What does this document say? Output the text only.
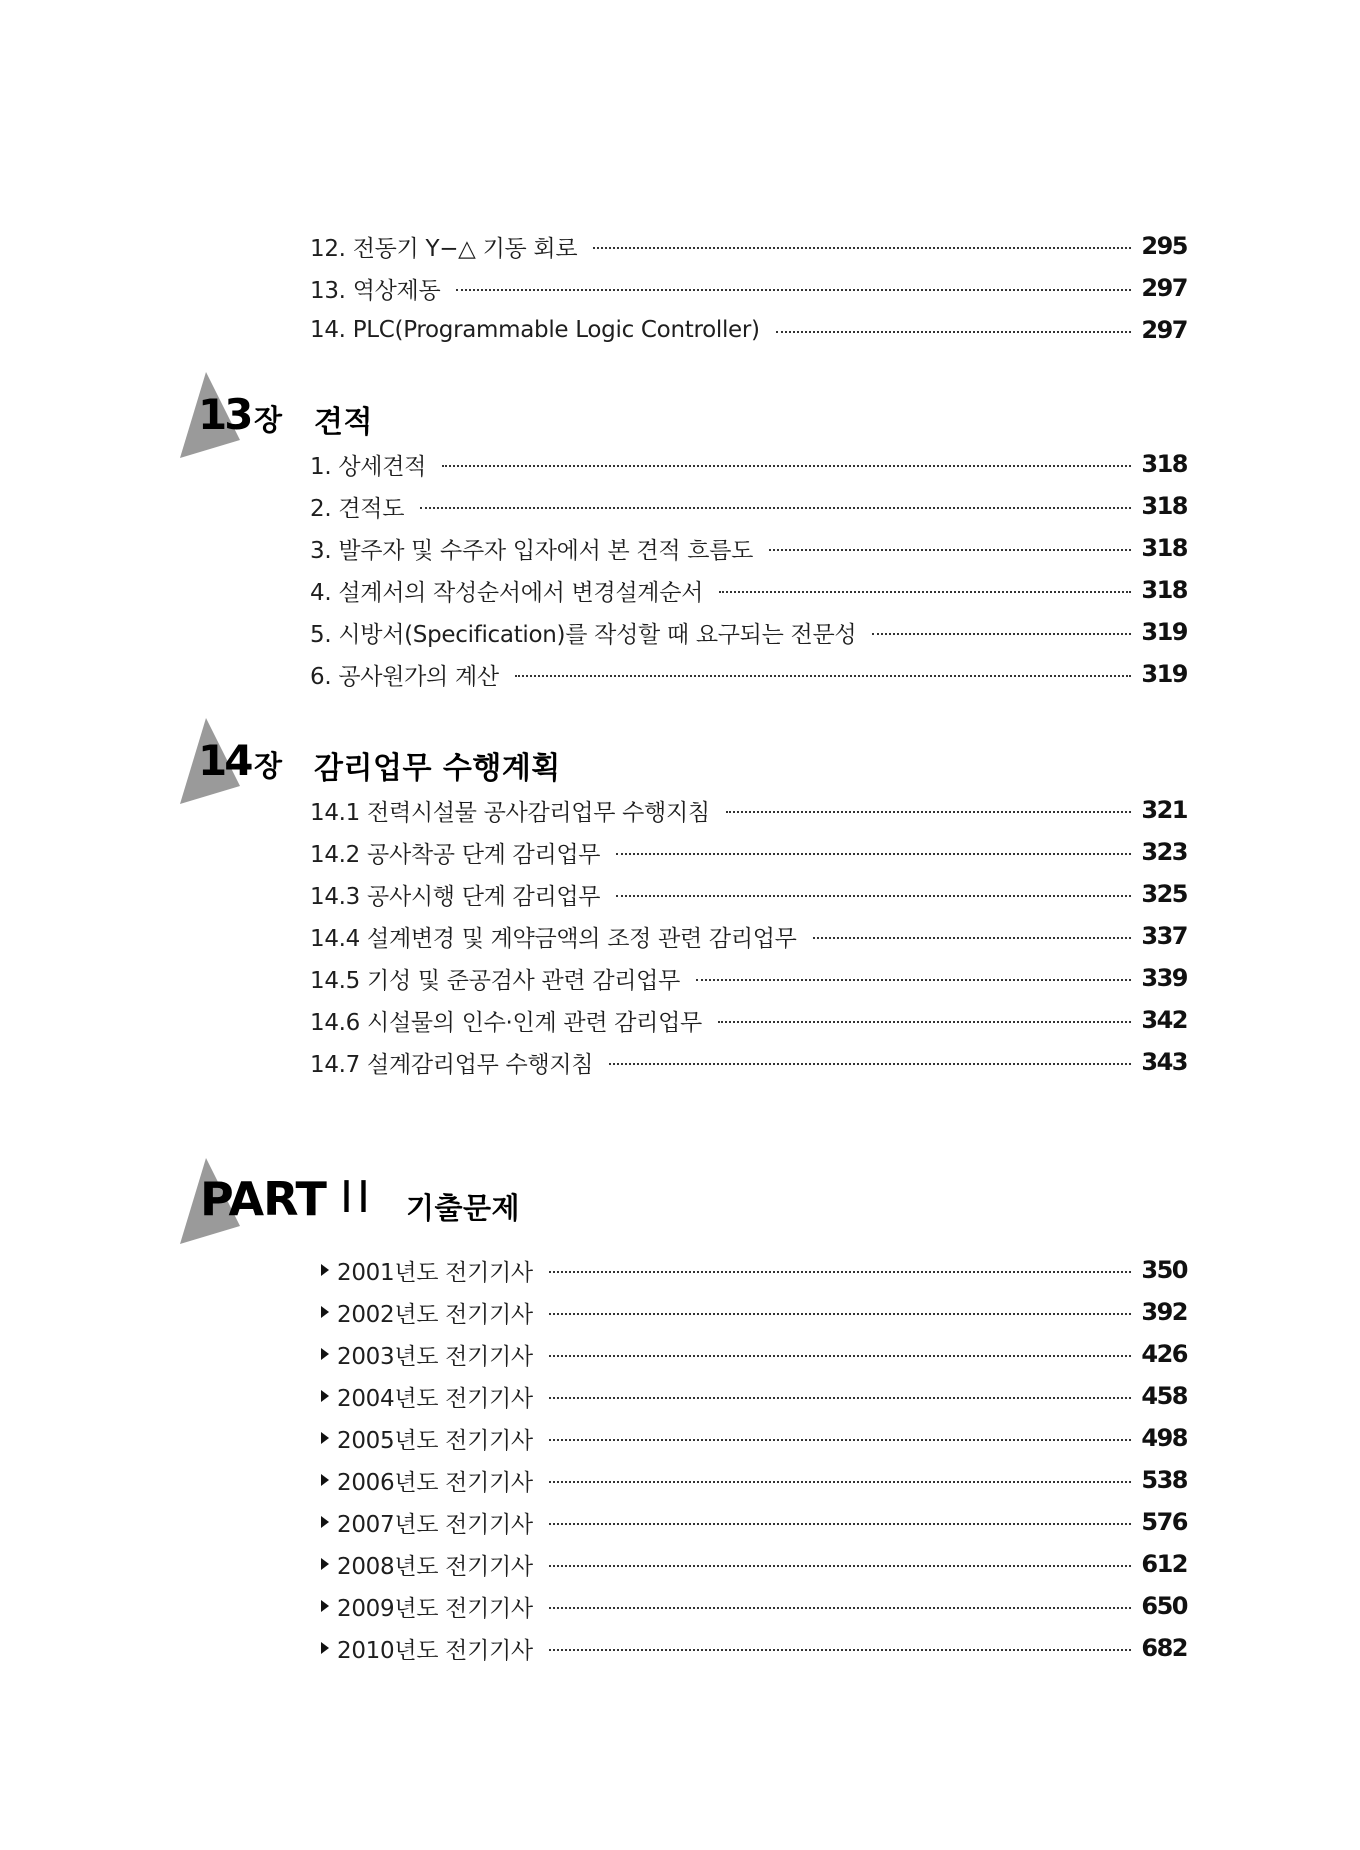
12. 전동기 Y−△ 기동 회로	295
13. 역상제동	297
14. PLC(Programmable Logic Controller)	297
13 장 견적
1. 상세견적	318
2. 견적도	318
3. 발주자 및 수주자 입자에서 본 견적 흐름도	318
4. 설계서의 작성순서에서 변경설계순서	318
5. 시방서(Specification)를 작성할 때 요구되는 전문성	319
6. 공사원가의 계산	319
14 장 감리업무 수행계획
14.1 전력시설물 공사감리업무 수행지침	321
14.2 공사착공 단계 감리업무	323
14.3 공사시행 단계 감리업무	325
14.4 설계변경 및 계약금액의 조정 관련 감리업무	337
14.5 기성 및 준공검사 관련 감리업무	339
14.6 시설물의 인수·인계 관련 감리업무	342
14.7 설계감리업무 수행지침	343
PART II 기출문제
2001년도 전기기사	350
2002년도 전기기사	392
2003년도 전기기사	426
2004년도 전기기사	458
2005년도 전기기사	498
2006년도 전기기사	538
2007년도 전기기사	576
2008년도 전기기사	612
2009년도 전기기사	650
2010년도 전기기사	682
